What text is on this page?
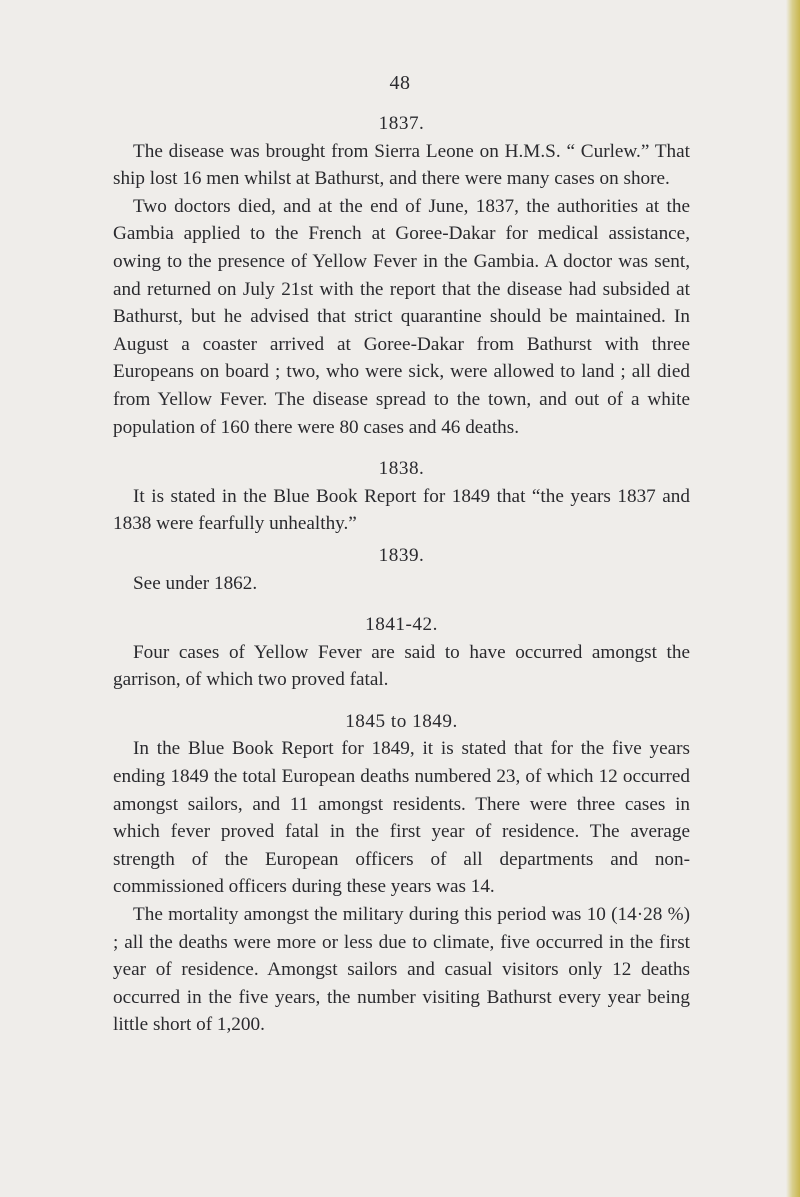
48
1837.

The disease was brought from Sierra Leone on H.M.S. “ Curlew.” That ship lost 16 men whilst at Bathurst, and there were many cases on shore.

Two doctors died, and at the end of June, 1837, the authorities at the Gambia applied to the French at Goree-Dakar for medical assistance, owing to the presence of Yellow Fever in the Gambia. A doctor was sent, and returned on July 21st with the report that the disease had subsided at Bathurst, but he advised that strict quarantine should be maintained. In August a coaster arrived at Goree-Dakar from Bathurst with three Europeans on board ; two, who were sick, were allowed to land ; all died from Yellow Fever. The disease spread to the town, and out of a white population of 160 there were 80 cases and 46 deaths.

1838.

It is stated in the Blue Book Report for 1849 that “the years 1837 and 1838 were fearfully unhealthy.”

1839.

See under 1862.

1841-42.

Four cases of Yellow Fever are said to have occurred amongst the garrison, of which two proved fatal.

1845 to 1849.

In the Blue Book Report for 1849, it is stated that for the five years ending 1849 the total European deaths numbered 23, of which 12 occurred amongst sailors, and 11 amongst residents. There were three cases in which fever proved fatal in the first year of residence. The average strength of the European officers of all departments and non-commissioned officers during these years was 14.

The mortality amongst the military during this period was 10 (14·28 %) ; all the deaths were more or less due to climate, five occurred in the first year of residence. Amongst sailors and casual visitors only 12 deaths occurred in the five years, the number visiting Bathurst every year being little short of 1,200.
